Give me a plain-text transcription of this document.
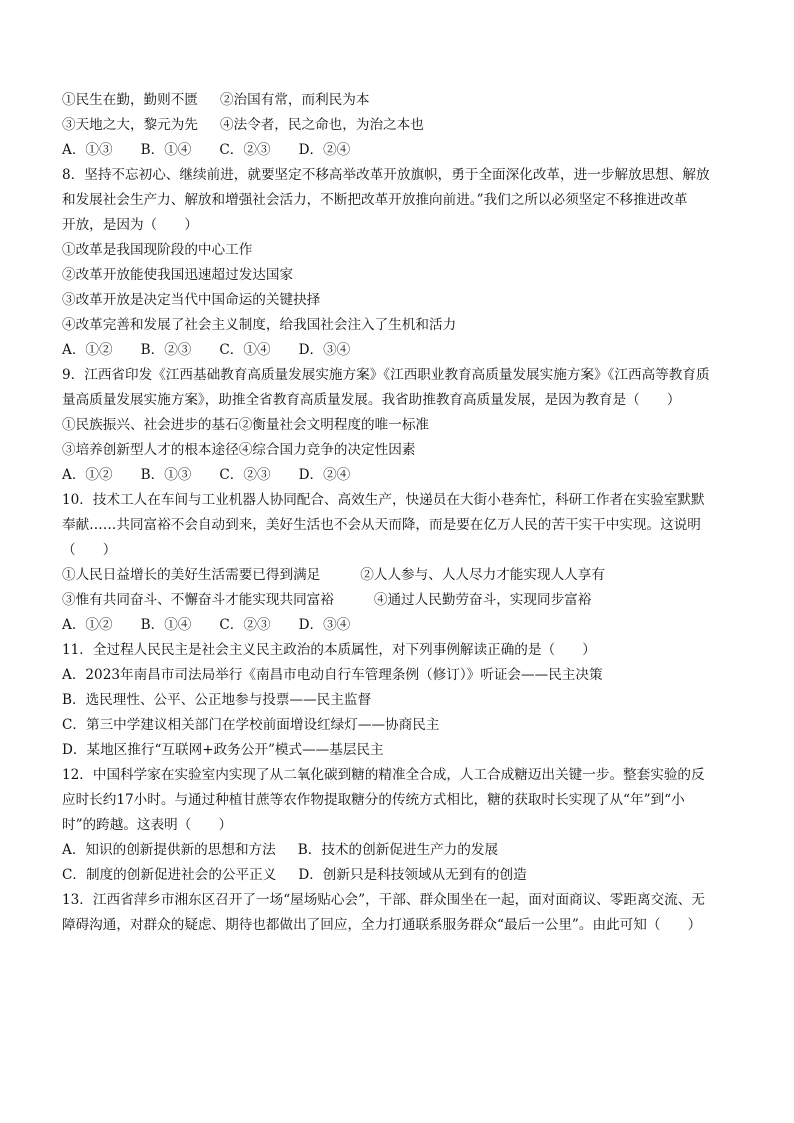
①民生在勤，勤则不匮 ②治国有常，而利民为本
③天地之大，黎元为先 ④法令者，民之命也，为治之本也
A．①③ B．①④ C．②③ D．②④
8．坚持不忘初心、继续前进，就要坚定不移高举改革开放旗帜，勇于全面深化改革，进一步解放思想、解放
和发展社会生产力、解放和增强社会活力，不断把改革开放推向前进。”我们之所以必须坚定不移推进改革
开放，是因为（　　）
①改革是我国现阶段的中心工作
②改革开放能使我国迅速超过发达国家
③改革开放是决定当代中国命运的关键抉择
④改革完善和发展了社会主义制度，给我国社会注入了生机和活力
A．①② B．②③ C．①④ D．③④
9．江西省印发《江西基础教育高质量发展实施方案》《江西职业教育高质量发展实施方案》《江西高等教育质
量高质量发展实施方案》，助推全省教育高质量发展。我省助推教育高质量发展，是因为教育是（　　）
①民族振兴、社会进步的基石②衡量社会文明程度的唯一标准
③培养创新型人才的根本途径④综合国力竞争的决定性因素
A．①② B．①③ C．②③ D．②④
10．技术工人在车间与工业机器人协同配合、高效生产，快递员在大街小巷奔忙，科研工作者在实验室默默
奉献……共同富裕不会自动到来，美好生活也不会从天而降，而是要在亿万人民的苦干实干中实现。这说明
（　　）
①人民日益增长的美好生活需要已得到满足	②人人参与、人人尽力才能实现人人享有
③惟有共同奋斗、不懈奋斗才能实现共同富裕	④通过人民勤劳奋斗，实现同步富裕
A．①② B．①④ C．②③ D．③④
11．全过程人民民主是社会主义民主政治的本质属性，对下列事例解读正确的是（　　）
A．2023年南昌市司法局举行《南昌市电动自行车管理条例（修订）》听证会——民主决策
B．选民理性、公平、公正地参与投票——民主监督
C．第三中学建议相关部门在学校前面增设红绿灯——协商民主
D．某地区推行“互联网+政务公开”模式——基层民主
12．中国科学家在实验室内实现了从二氧化碳到糖的精准全合成，人工合成糖迈出关键一步。整套实验的反
应时长约17小时。与通过种植甘蔗等农作物提取糖分的传统方式相比，糖的获取时长实现了从“年”到“小
时”的跨越。这表明（　　）
A．知识的创新提供新的思想和方法 B．技术的创新促进生产力的发展
C．制度的创新促进社会的公平正义 D．创新只是科技领域从无到有的创造
13．江西省萍乡市湘东区召开了一场“屋场贴心会”，干部、群众围坐在一起，面对面商议、零距离交流、无
障碍沟通，对群众的疑虑、期待也都做出了回应，全力打通联系服务群众“最后一公里”。由此可知（　　）
